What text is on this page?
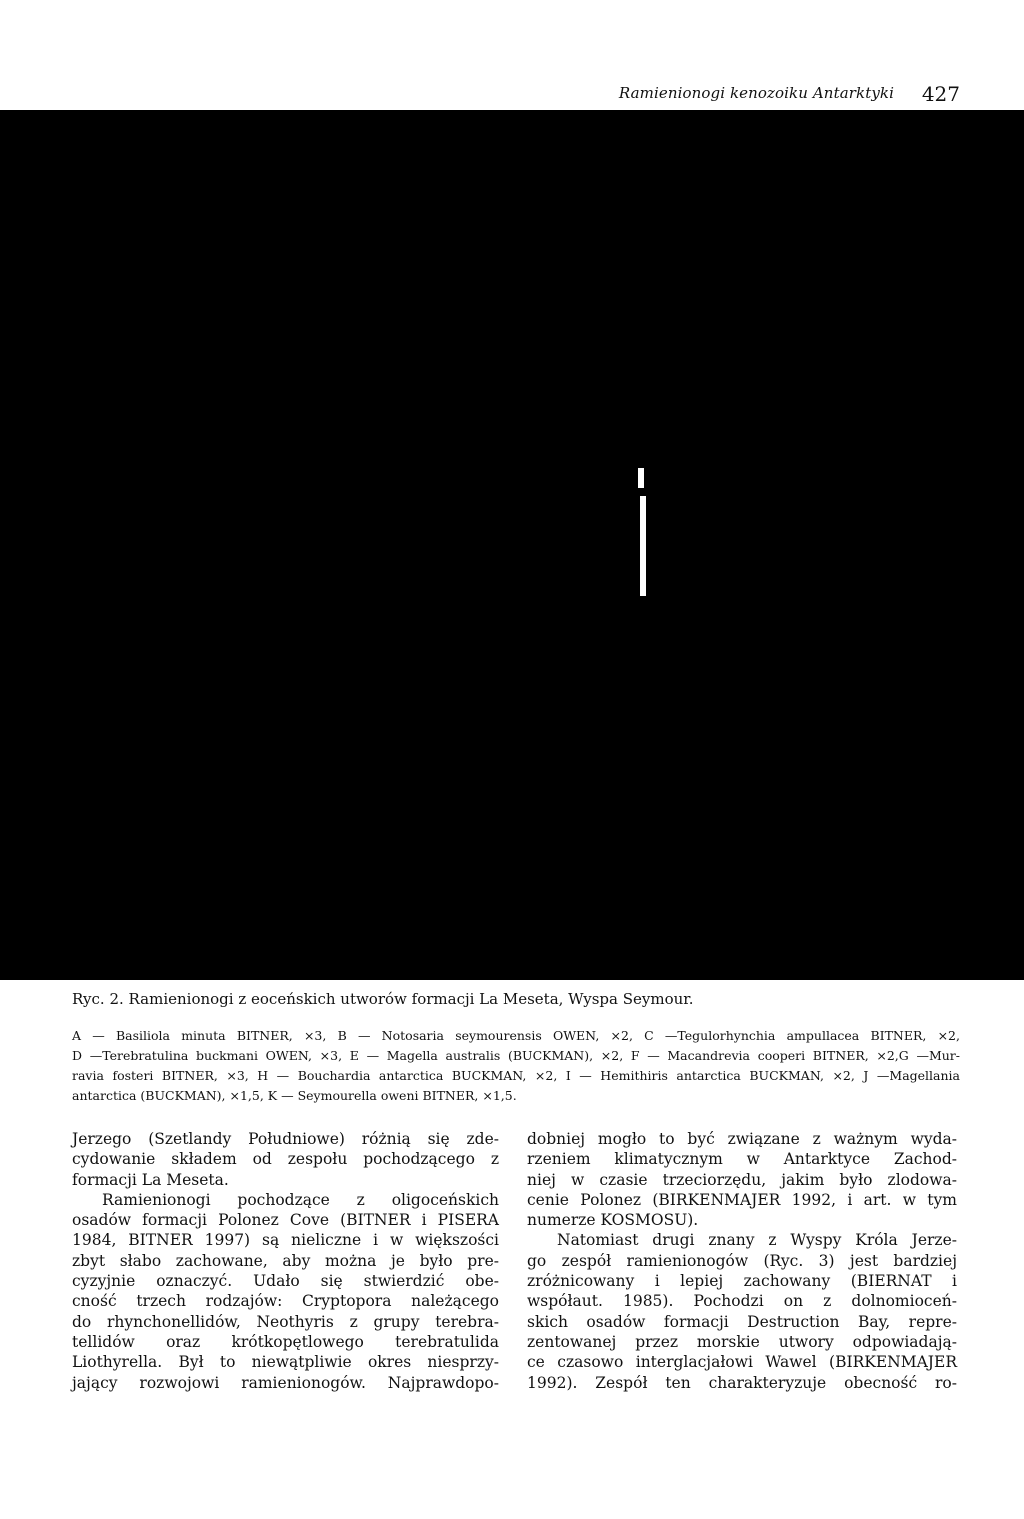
Ramienionogi kenozoiku Antarktyki 427
Ryc. 2. Ramienionogi z eoceńskich utworów formacji La Meseta, Wyspa Seymour.
A — Basiliola minuta BITNER, ×3, B — Notosaria seymourensis OWEN, ×2, C —Tegulorhynchia ampullacea BITNER, ×2,
D —Terebratulina buckmani OWEN, ×3, E — Magella australis (BUCKMAN), ×2, F — Macandrevia cooperi BITNER, ×2,G —Mur-
ravia fosteri BITNER, ×3, H — Bouchardia antarctica BUCKMAN, ×2, I — Hemithiris antarctica BUCKMAN, ×2, J —Magellania
antarctica (BUCKMAN), ×1,5, K — Seymourella oweni BITNER, ×1,5.
Jerzego (Szetlandy Południowe) różnią się zde-
cydowanie składem od zespołu pochodzącego z
formacji La Meseta.
Ramienionogi pochodzące z oligoceńskich
osadów formacji Polonez Cove (BITNER i PISERA
1984, BITNER 1997) są nieliczne i w większości
zbyt słabo zachowane, aby można je było pre-
cyzyjnie oznaczyć. Udało się stwierdzić obe-
cność trzech rodzajów: Cryptopora należącego
do rhynchonellidów, Neothyris z grupy terebra-
tellidów oraz krótkopętlowego terebratulida
Liothyrella. Był to niewątpliwie okres niesprzy-
jający rozwojowi ramienionogów. Najprawdopo-
dobniej mogło to być związane z ważnym wyda-
rzeniem klimatycznym w Antarktyce Zachod-
niej w czasie trzeciorzędu, jakim było zlodowa-
cenie Polonez (BIRKENMAJER 1992, i art. w tym
numerze KOSMOSU).
Natomiast drugi znany z Wyspy Króla Jerze-
go zespół ramienionogów (Ryc. 3) jest bardziej
zróżnicowany i lepiej zachowany (BIERNAT i
współaut. 1985). Pochodzi on z dolnomioceń-
skich osadów formacji Destruction Bay, repre-
zentowanej przez morskie utwory odpowiadają-
ce czasowo interglacjałowi Wawel (BIRKENMAJER
1992). Zespół ten charakteryzuje obecność ro-
